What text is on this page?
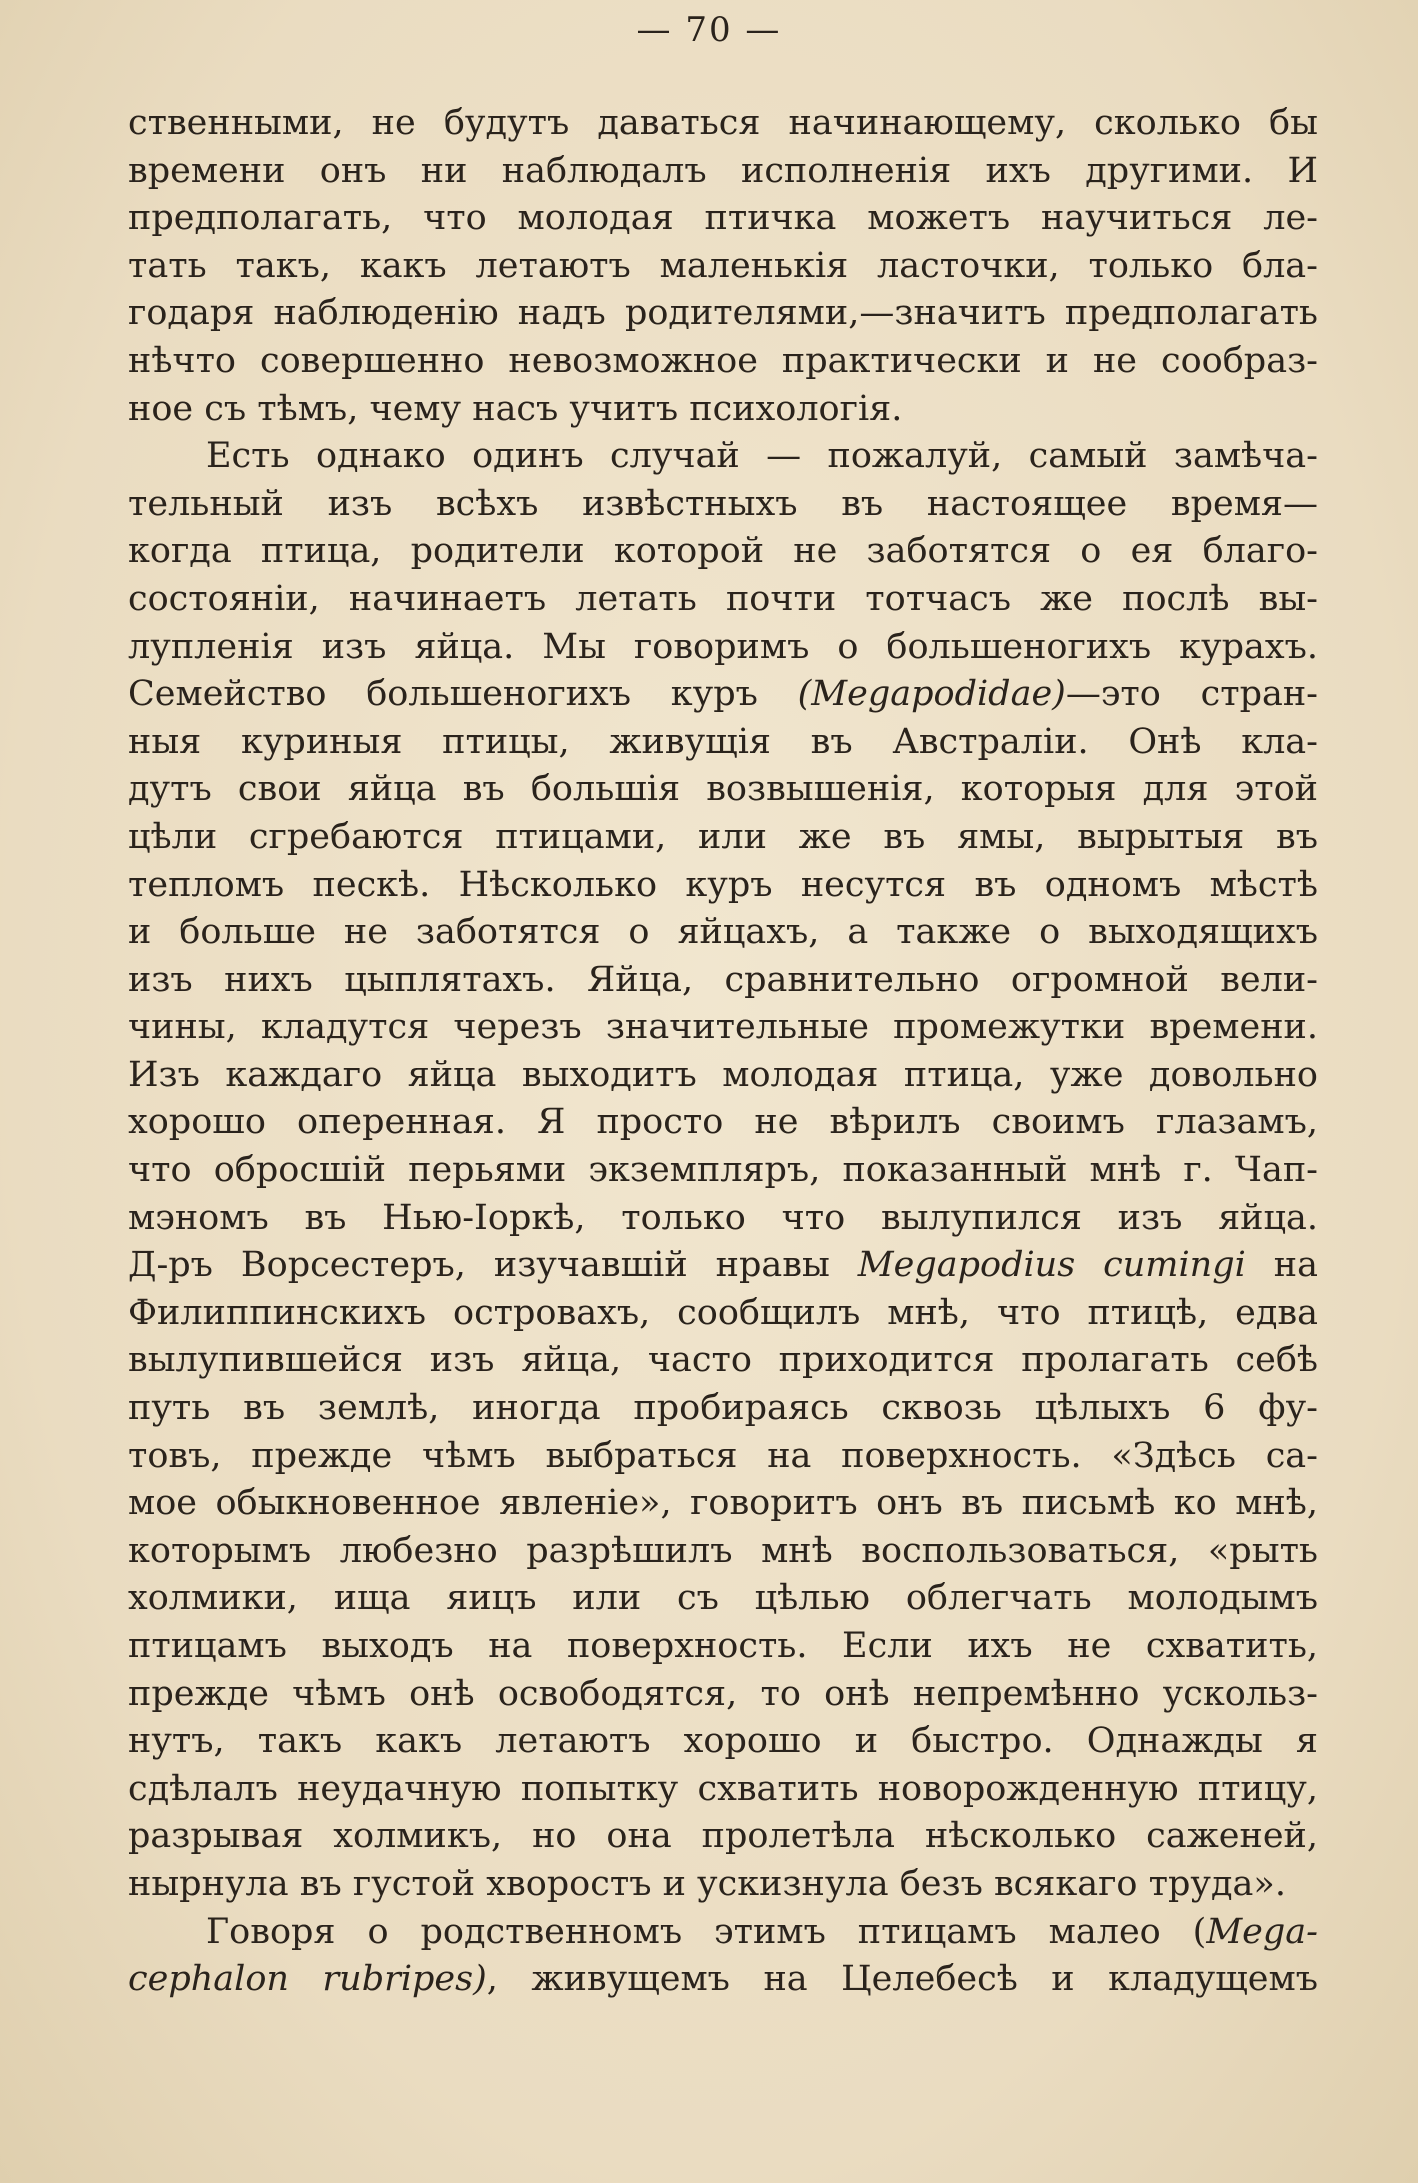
— 70 —
ственными, не будутъ даваться начинающему, сколько бы
времени онъ ни наблюдалъ исполненія ихъ другими. И
предполагать, что молодая птичка можетъ научиться ле-
тать такъ, какъ летаютъ маленькія ласточки, только бла-
годаря наблюденію надъ родителями,—значитъ предполагать
нѣчто совершенно невозможное практически и не сообраз-
ное съ тѣмъ, чему насъ учитъ психологія.
Есть однако одинъ случай — пожалуй, самый замѣча-
тельный изъ всѣхъ извѣстныхъ въ настоящее время—
когда птица, родители которой не заботятся о ея благо-
состояніи, начинаетъ летать почти тотчасъ же послѣ вы-
лупленія изъ яйца. Мы говоримъ о большеногихъ курахъ.
Семейство большеногихъ куръ (Megapodidae)—это стран-
ныя куриныя птицы, живущія въ Австраліи. Онѣ кла-
дутъ свои яйца въ большія возвышенія, которыя для этой
цѣли сгребаются птицами, или же въ ямы, вырытыя въ
тепломъ пескѣ. Нѣсколько куръ несутся въ одномъ мѣстѣ
и больше не заботятся о яйцахъ, а также о выходящихъ
изъ нихъ цыплятахъ. Яйца, сравнительно огромной вели-
чины, кладутся черезъ значительные промежутки времени.
Изъ каждаго яйца выходитъ молодая птица, уже довольно
хорошо оперенная. Я просто не вѣрилъ своимъ глазамъ,
что обросшій перьями экземпляръ, показанный мнѣ г. Чап-
мэномъ въ Нью-Іоркѣ, только что вылупился изъ яйца.
Д-ръ Ворсестеръ, изучавшій нравы Megapodius cumingi на
Филиппинскихъ островахъ, сообщилъ мнѣ, что птицѣ, едва
вылупившейся изъ яйца, часто приходится пролагать себѣ
путь въ землѣ, иногда пробираясь сквозь цѣлыхъ 6 фу-
товъ, прежде чѣмъ выбраться на поверхность. «Здѣсь са-
мое обыкновенное явленіе», говоритъ онъ въ письмѣ ко мнѣ,
которымъ любезно разрѣшилъ мнѣ воспользоваться, «рыть
холмики, ища яицъ или съ цѣлью облегчать молодымъ
птицамъ выходъ на поверхность. Если ихъ не схватить,
прежде чѣмъ онѣ освободятся, то онѣ непремѣнно ускольз-
нутъ, такъ какъ летаютъ хорошо и быстро. Однажды я
сдѣлалъ неудачную попытку схватить новорожденную птицу,
разрывая холмикъ, но она пролетѣла нѣсколько саженей,
нырнула въ густой хворостъ и ускизнула безъ всякаго труда».
Говоря о родственномъ этимъ птицамъ малео (Mega-
cephalon rubripes), живущемъ на Целебесѣ и кладущемъ
